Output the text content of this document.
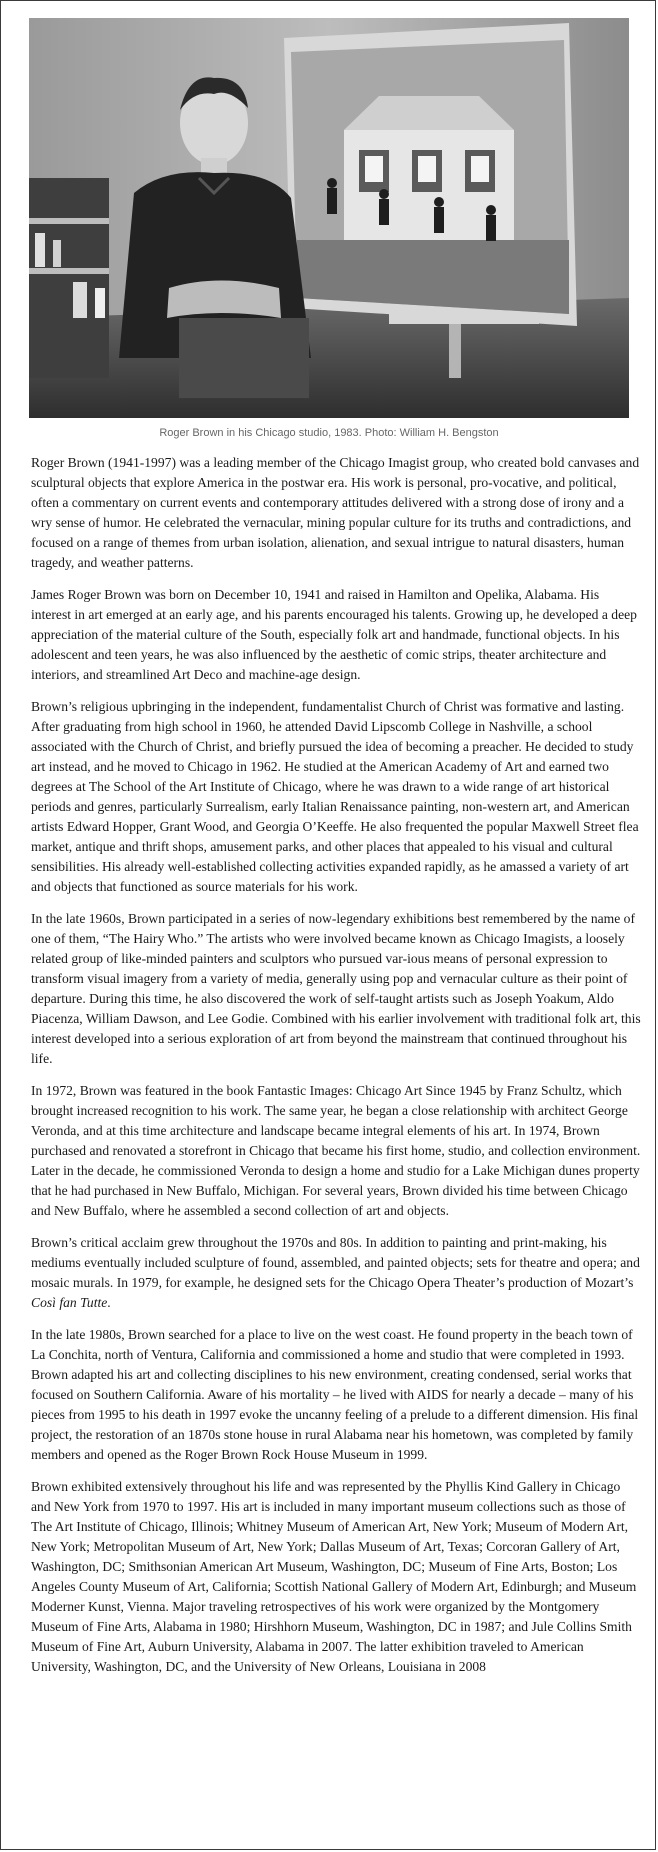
Roger Brown in his Chicago studio, 1983. Photo: William H. Bengston

Roger Brown (1941-1997) was a leading member of the Chicago Imagist group, who created bold canvases and sculptural objects that explore America in the postwar era. His work is personal, pro-vocative, and political, often a commentary on current events and contemporary attitudes delivered with a strong dose of irony and a wry sense of humor. He celebrated the vernacular, mining popular culture for its truths and contradictions, and focused on a range of themes from urban isolation, alienation, and sexual intrigue to natural disasters, human tragedy, and weather patterns.

James Roger Brown was born on December 10, 1941 and raised in Hamilton and Opelika, Alabama. His interest in art emerged at an early age, and his parents encouraged his talents. Growing up, he developed a deep appreciation of the material culture of the South, especially folk art and handmade, functional objects. In his adolescent and teen years, he was also influenced by the aesthetic of comic strips, theater architecture and interiors, and streamlined Art Deco and machine-age design.

Brown’s religious upbringing in the independent, fundamentalist Church of Christ was formative and lasting. After graduating from high school in 1960, he attended David Lipscomb College in Nashville, a school associated with the Church of Christ, and briefly pursued the idea of becoming a preacher. He decided to study art instead, and he moved to Chicago in 1962. He studied at the American Academy of Art and earned two degrees at The School of the Art Institute of Chicago, where he was drawn to a wide range of art historical periods and genres, particularly Surrealism, early Italian Renaissance painting, non-western art, and American artists Edward Hopper, Grant Wood, and Georgia O’Keeffe. He also frequented the popular Maxwell Street flea market, antique and thrift shops, amusement parks, and other places that appealed to his visual and cultural sensibilities. His already well-established collecting activities expanded rapidly, as he amassed a variety of art and objects that functioned as source materials for his work.

In the late 1960s, Brown participated in a series of now-legendary exhibitions best remembered by the name of one of them, “The Hairy Who.” The artists who were involved became known as Chicago Imagists, a loosely related group of like-minded painters and sculptors who pursued var-ious means of personal expression to transform visual imagery from a variety of media, generally using pop and vernacular culture as their point of departure. During this time, he also discovered the work of self-taught artists such as Joseph Yoakum, Aldo Piacenza, William Dawson, and Lee Godie. Combined with his earlier involvement with traditional folk art, this interest developed into a serious exploration of art from beyond the mainstream that continued throughout his life.

In 1972, Brown was featured in the book Fantastic Images: Chicago Art Since 1945 by Franz Schultz, which brought increased recognition to his work. The same year, he began a close relationship with architect George Veronda, and at this time architecture and landscape became integral elements of his art. In 1974, Brown purchased and renovated a storefront in Chicago that became his first home, studio, and collection environment. Later in the decade, he commissioned Veronda to design a home and studio for a Lake Michigan dunes property that he had purchased in New Buffalo, Michigan. For several years, Brown divided his time between Chicago and New Buffalo, where he assembled a second collection of art and objects.

Brown’s critical acclaim grew throughout the 1970s and 80s. In addition to painting and print-making, his mediums eventually included sculpture of found, assembled, and painted objects; sets for theatre and opera; and mosaic murals. In 1979, for example, he designed sets for the Chicago Opera Theater’s production of Mozart’s Così fan Tutte.

In the late 1980s, Brown searched for a place to live on the west coast. He found property in the beach town of La Conchita, north of Ventura, California and commissioned a home and studio that were completed in 1993. Brown adapted his art and collecting disciplines to his new environment, creating condensed, serial works that focused on Southern California. Aware of his mortality – he lived with AIDS for nearly a decade – many of his pieces from 1995 to his death in 1997 evoke the uncanny feeling of a prelude to a different dimension. His final project, the restoration of an 1870s stone house in rural Alabama near his hometown, was completed by family members and opened as the Roger Brown Rock House Museum in 1999.

Brown exhibited extensively throughout his life and was represented by the Phyllis Kind Gallery in Chicago and New York from 1970 to 1997. His art is included in many important museum collections such as those of The Art Institute of Chicago, Illinois; Whitney Museum of American Art, New York; Museum of Modern Art, New York; Metropolitan Museum of Art, New York; Dallas Museum of Art, Texas; Corcoran Gallery of Art, Washington, DC; Smithsonian American Art Museum, Washington, DC; Museum of Fine Arts, Boston; Los Angeles County Museum of Art, California; Scottish National Gallery of Modern Art, Edinburgh; and Museum Moderner Kunst, Vienna. Major traveling retrospectives of his work were organized by the Montgomery Museum of Fine Arts, Alabama in 1980; Hirshhorn Museum, Washington, DC in 1987; and Jule Collins Smith Museum of Fine Art, Auburn University, Alabama in 2007. The latter exhibition traveled to American University, Washington, DC, and the University of New Orleans, Louisiana in 2008
